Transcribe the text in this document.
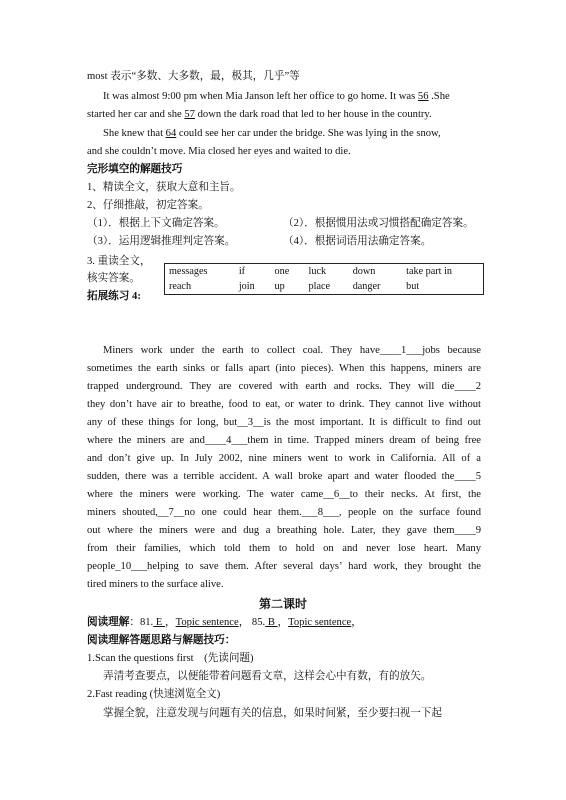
most 表示“多数、大多数，最，极其，几乎”等
It was almost 9:00 pm when Mia Janson left her office to go home. It was 56 .She
started her car and she 57 down the dark road that led to her house in the country.
She knew that 64 could see her car under the bridge. She was lying in the snow,
and she couldn’t move. Mia closed her eyes and waited to die.
完形填空的解题技巧
1、精读全文，获取大意和主旨。
2、仔细推敲，初定答案。
（1）．根据上下文确定答案。	（2）．根据惯用法或习惯搭配确定答案。
（3）．运用逻辑推理判定答案。	（4）．根据词语用法确定答案。
3. 重读全文，
核实答案。
拓展练习 4:
messages	if	one	luck	down	take part in
reach	join	up	place	danger	but
Miners work under the earth to collect coal. They have____1___jobs because
sometimes the earth sinks or falls apart (into pieces). When this happens, miners are
trapped underground. They are covered with earth and rocks. They will die____2
they don’t have air to breathe, food to eat, or water to drink. They cannot live without
any of these things for long, but__3__is the most important. It is difficult to find out
where the miners are and____4___them in time. Trapped miners dream of being free
and don’t give up. In July 2002, nine miners went to work in California. All of a
sudden, there was a terrible accident. A wall broke apart and water flooded the____5
where the miners were working. The water came__6__to their necks. At first, the
miners shouted,__7__no one could hear them.___8___, people on the surface found
out where the miners were and dug a breathing hole. Later, they gave them____9
from their families, which told them to hold on and never lose heart. Many
people_10___helping to save them. After several days’ hard work, they brought the
tired miners to the surface alive.
第二课时
阅读理解：81. E ，Topic sentence， 85. B ，Topic sentence，
阅读理解答题思路与解题技巧：
1.Scan the questions first　(先读问题)
弄清考查要点，以便能带着问题看文章，这样会心中有数，有的放矢。
2.Fast reading (快速浏览全文)
掌握全貌，注意发现与问题有关的信息，如果时间紧，至少要扫视一下起
